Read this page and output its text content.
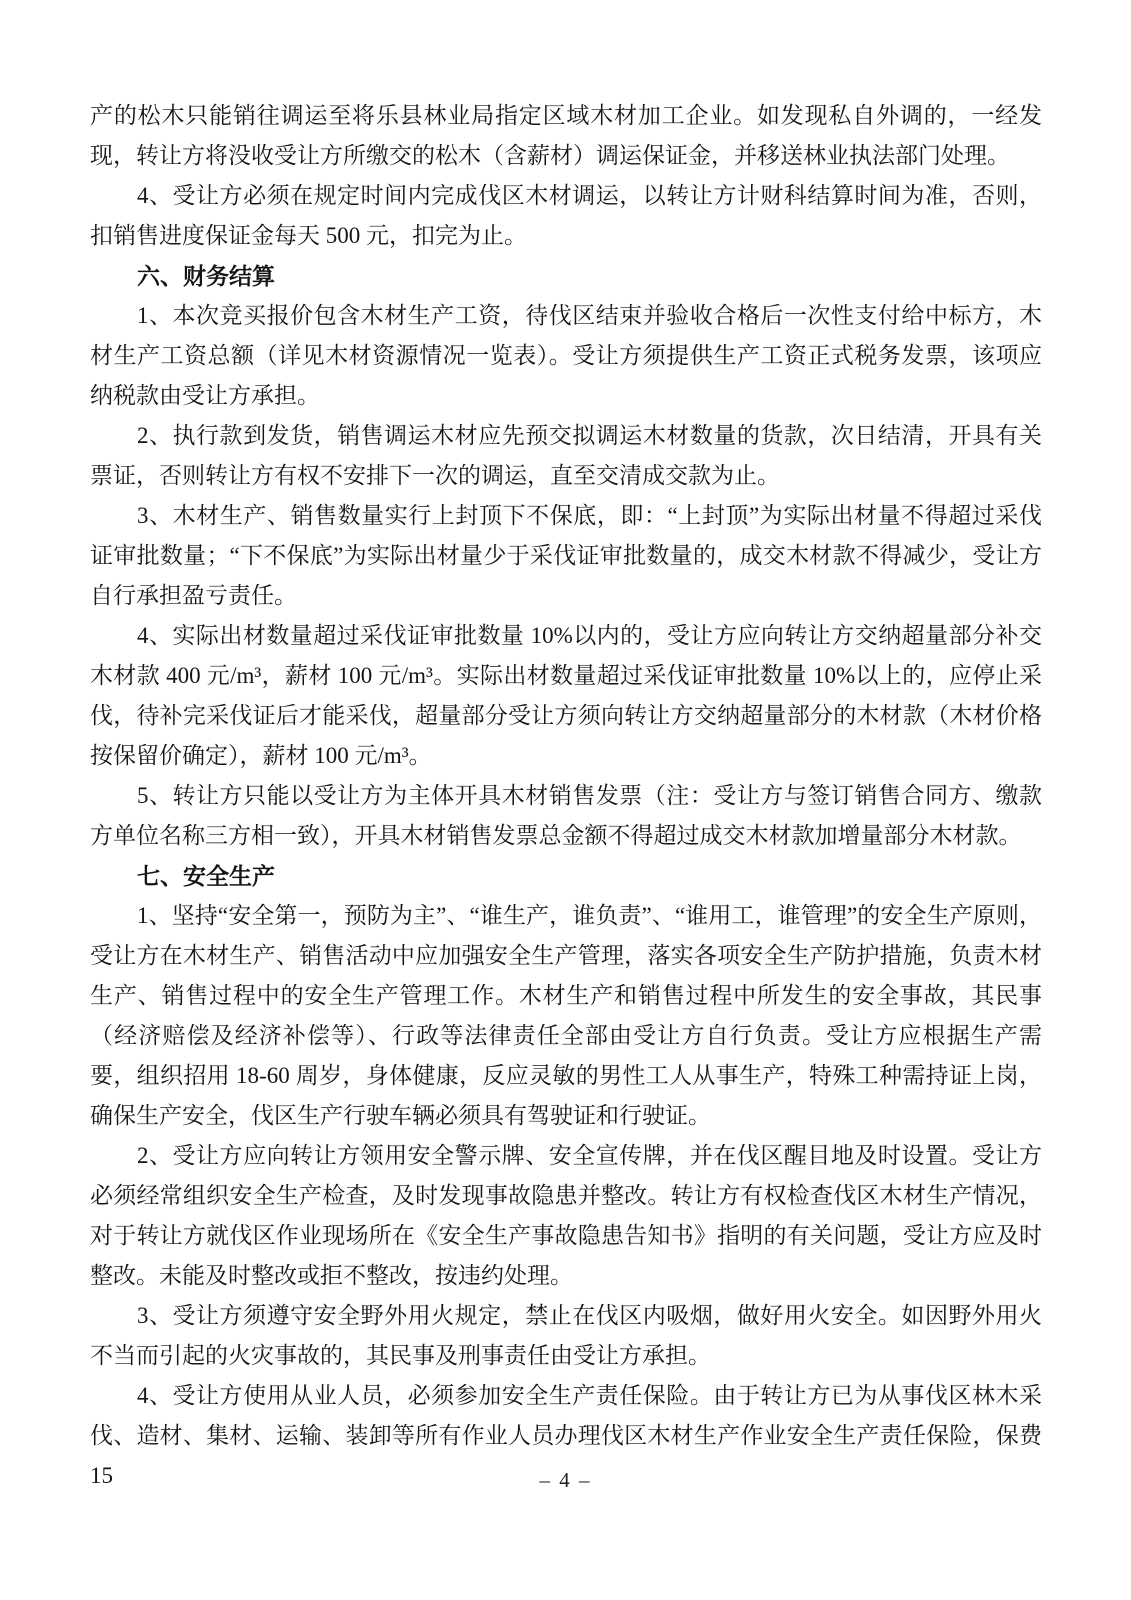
产的松木只能销往调运至将乐县林业局指定区域木材加工企业。如发现私自外调的，一经发现，转让方将没收受让方所缴交的松木（含薪材）调运保证金，并移送林业执法部门处理。

4、受让方必须在规定时间内完成伐区木材调运，以转让方计财科结算时间为准，否则，扣销售进度保证金每天 500 元，扣完为止。

六、财务结算

1、本次竞买报价包含木材生产工资，待伐区结束并验收合格后一次性支付给中标方，木材生产工资总额（详见木材资源情况一览表）。受让方须提供生产工资正式税务发票，该项应纳税款由受让方承担。

2、执行款到发货，销售调运木材应先预交拟调运木材数量的货款，次日结清，开具有关票证，否则转让方有权不安排下一次的调运，直至交清成交款为止。

3、木材生产、销售数量实行上封顶下不保底，即：“上封顶”为实际出材量不得超过采伐证审批数量；“下不保底”为实际出材量少于采伐证审批数量的，成交木材款不得减少，受让方自行承担盈亏责任。

4、实际出材数量超过采伐证审批数量 10%以内的，受让方应向转让方交纳超量部分补交木材款 400 元/m³，薪材 100 元/m³。实际出材数量超过采伐证审批数量 10%以上的，应停止采伐，待补完采伐证后才能采伐，超量部分受让方须向转让方交纳超量部分的木材款（木材价格按保留价确定），薪材 100 元/m³。

5、转让方只能以受让方为主体开具木材销售发票（注：受让方与签订销售合同方、缴款方单位名称三方相一致），开具木材销售发票总金额不得超过成交木材款加增量部分木材款。

七、安全生产

1、坚持“安全第一，预防为主”、“谁生产，谁负责”、“谁用工，谁管理”的安全生产原则，受让方在木材生产、销售活动中应加强安全生产管理，落实各项安全生产防护措施，负责木材生产、销售过程中的安全生产管理工作。木材生产和销售过程中所发生的安全事故，其民事（经济赔偿及经济补偿等）、行政等法律责任全部由受让方自行负责。受让方应根据生产需要，组织招用 18-60 周岁，身体健康，反应灵敏的男性工人从事生产，特殊工种需持证上岗，确保生产安全，伐区生产行驶车辆必须具有驾驶证和行驶证。

2、受让方应向转让方领用安全警示牌、安全宣传牌，并在伐区醒目地及时设置。受让方必须经常组织安全生产检查，及时发现事故隐患并整改。转让方有权检查伐区木材生产情况，对于转让方就伐区作业现场所在《安全生产事故隐患告知书》指明的有关问题，受让方应及时整改。未能及时整改或拒不整改，按违约处理。

3、受让方须遵守安全野外用火规定，禁止在伐区内吸烟，做好用火安全。如因野外用火不当而引起的火灾事故的，其民事及刑事责任由受让方承担。

4、受让方使用从业人员，必须参加安全生产责任保险。由于转让方已为从事伐区林木采伐、造材、集材、运输、装卸等所有作业人员办理伐区木材生产作业安全生产责任保险，保费 15	– 4 –
